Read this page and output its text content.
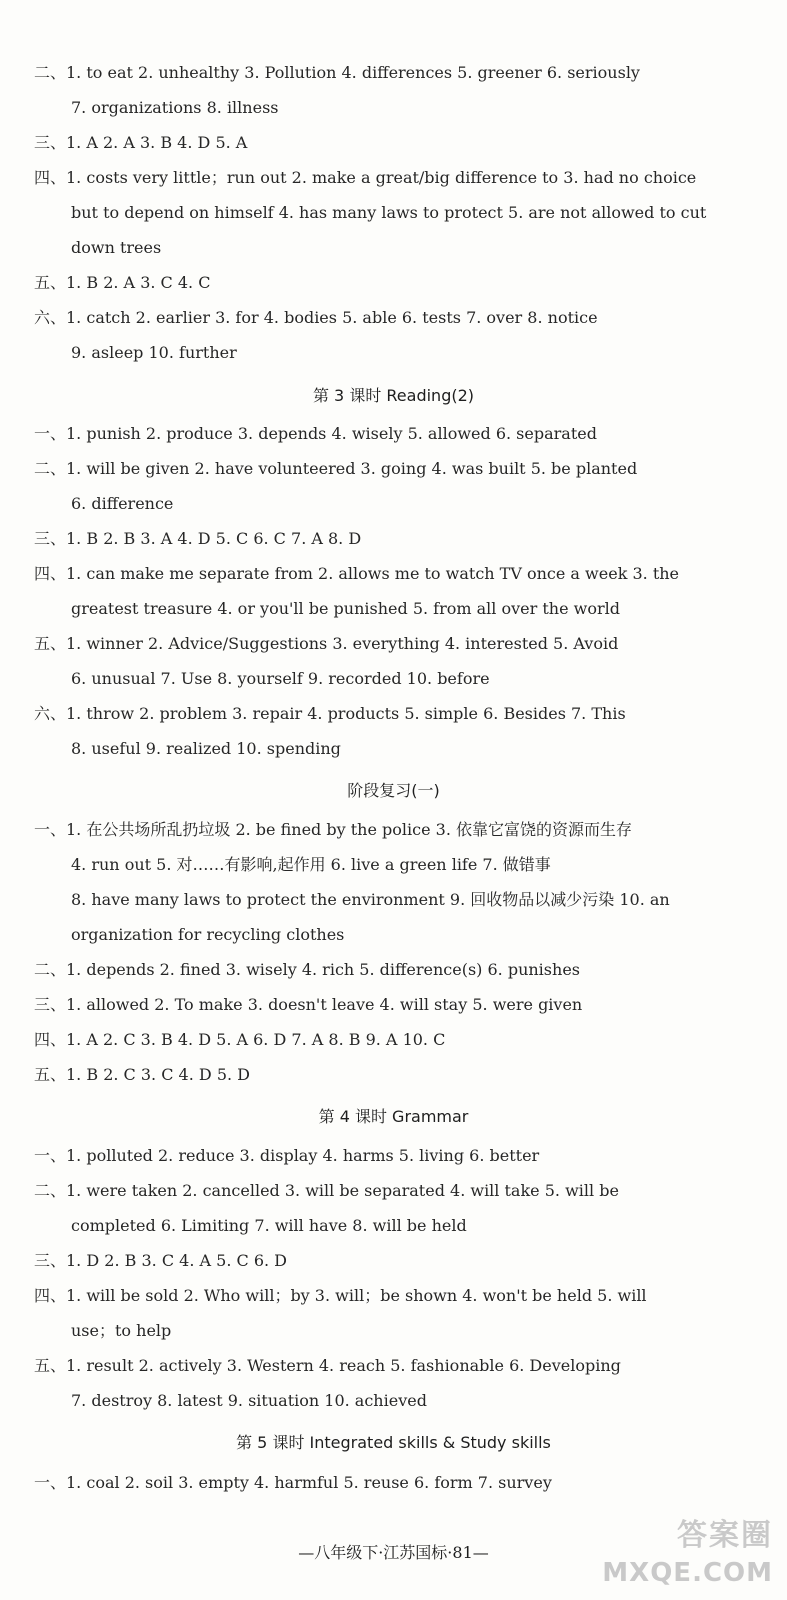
二、1. to eat 2. unhealthy 3. Pollution 4. differences 5. greener 6. seriously
7. organizations 8. illness
三、1. A 2. A 3. B 4. D 5. A
四、1. costs very little；run out 2. make a great/big difference to 3. had no choice
but to depend on himself 4. has many laws to protect 5. are not allowed to cut
down trees
五、1. B 2. A 3. C 4. C
六、1. catch 2. earlier 3. for 4. bodies 5. able 6. tests 7. over 8. notice
9. asleep 10. further
第 3 课时 Reading(2)
一、1. punish 2. produce 3. depends 4. wisely 5. allowed 6. separated
二、1. will be given 2. have volunteered 3. going 4. was built 5. be planted
6. difference
三、1. B 2. B 3. A 4. D 5. C 6. C 7. A 8. D
四、1. can make me separate from 2. allows me to watch TV once a week 3. the
greatest treasure 4. or you'll be punished 5. from all over the world
五、1. winner 2. Advice/Suggestions 3. everything 4. interested 5. Avoid
6. unusual 7. Use 8. yourself 9. recorded 10. before
六、1. throw 2. problem 3. repair 4. products 5. simple 6. Besides 7. This
8. useful 9. realized 10. spending
阶段复习(一)
一、1. 在公共场所乱扔垃圾 2. be fined by the police 3. 依靠它富饶的资源而生存
4. run out 5. 对……有影响,起作用 6. live a green life 7. 做错事
8. have many laws to protect the environment 9. 回收物品以减少污染 10. an
organization for recycling clothes
二、1. depends 2. fined 3. wisely 4. rich 5. difference(s) 6. punishes
三、1. allowed 2. To make 3. doesn't leave 4. will stay 5. were given
四、1. A 2. C 3. B 4. D 5. A 6. D 7. A 8. B 9. A 10. C
五、1. B 2. C 3. C 4. D 5. D
第 4 课时 Grammar
一、1. polluted 2. reduce 3. display 4. harms 5. living 6. better
二、1. were taken 2. cancelled 3. will be separated 4. will take 5. will be
completed 6. Limiting 7. will have 8. will be held
三、1. D 2. B 3. C 4. A 5. C 6. D
四、1. will be sold 2. Who will；by 3. will；be shown 4. won't be held 5. will
use；to help
五、1. result 2. actively 3. Western 4. reach 5. fashionable 6. Developing
7. destroy 8. latest 9. situation 10. achieved
第 5 课时 Integrated skills & Study skills
一、1. coal 2. soil 3. empty 4. harmful 5. reuse 6. form 7. survey
—八年级下·江苏国标·81—	答案圈
MXQE.COM
